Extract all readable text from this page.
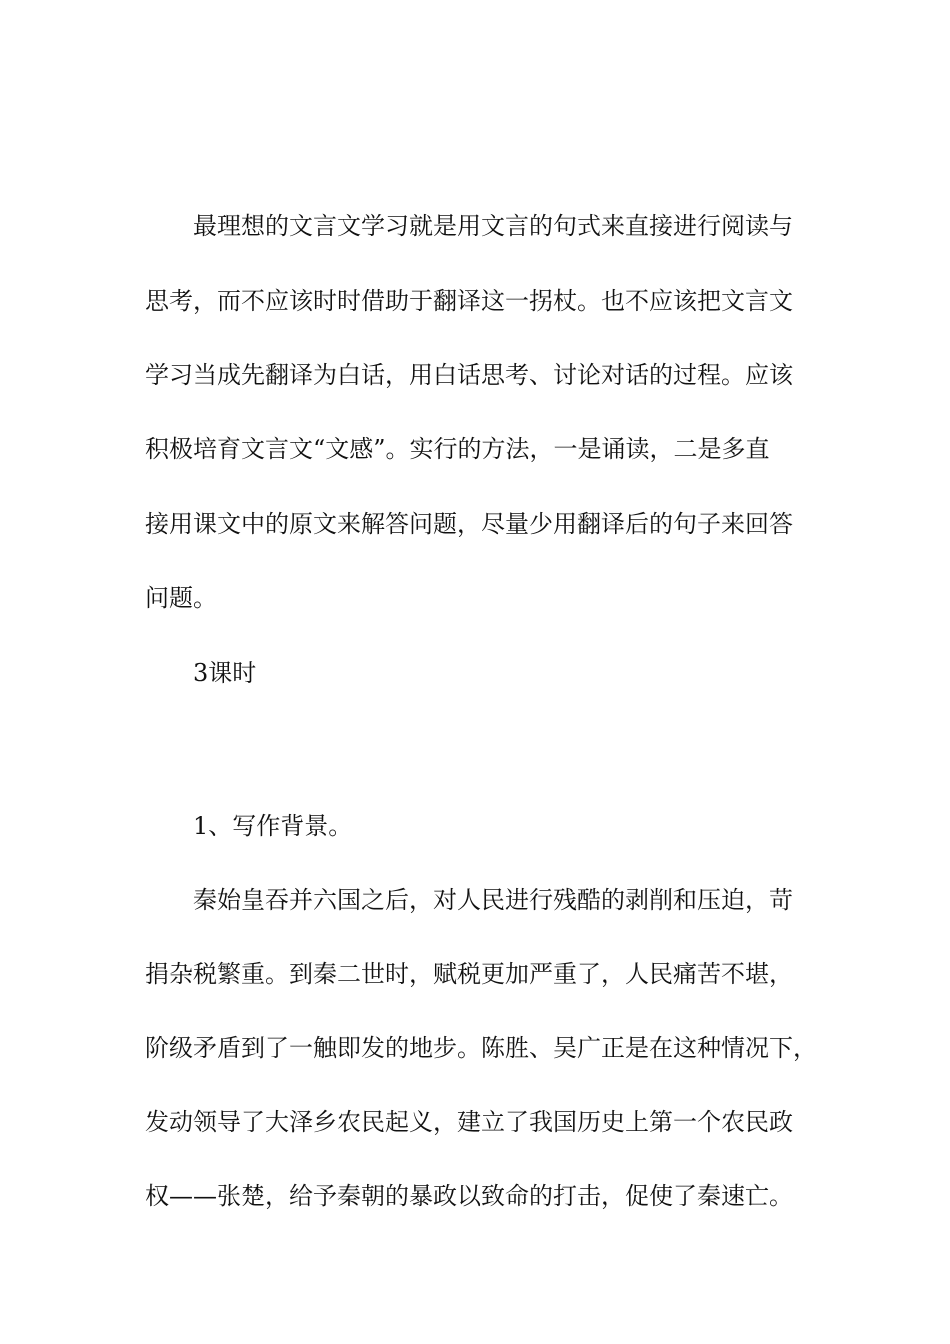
最理想的文言文学习就是用文言的句式来直接进行阅读与
思考，而不应该时时借助于翻译这一拐杖。也不应该把文言文
学习当成先翻译为白话，用白话思考、讨论对话的过程。应该
积极培育文言文“文感”。实行的方法，一是诵读，二是多直
接用课文中的原文来解答问题，尽量少用翻译后的句子来回答
问题。
3课时
1、写作背景。
秦始皇吞并六国之后，对人民进行残酷的剥削和压迫，苛
捐杂税繁重。到秦二世时，赋税更加严重了，人民痛苦不堪，
阶级矛盾到了一触即发的地步。陈胜、吴广正是在这种情况下，
发动领导了大泽乡农民起义，建立了我国历史上第一个农民政
权——张楚，给予秦朝的暴政以致命的打击，促使了秦速亡。
